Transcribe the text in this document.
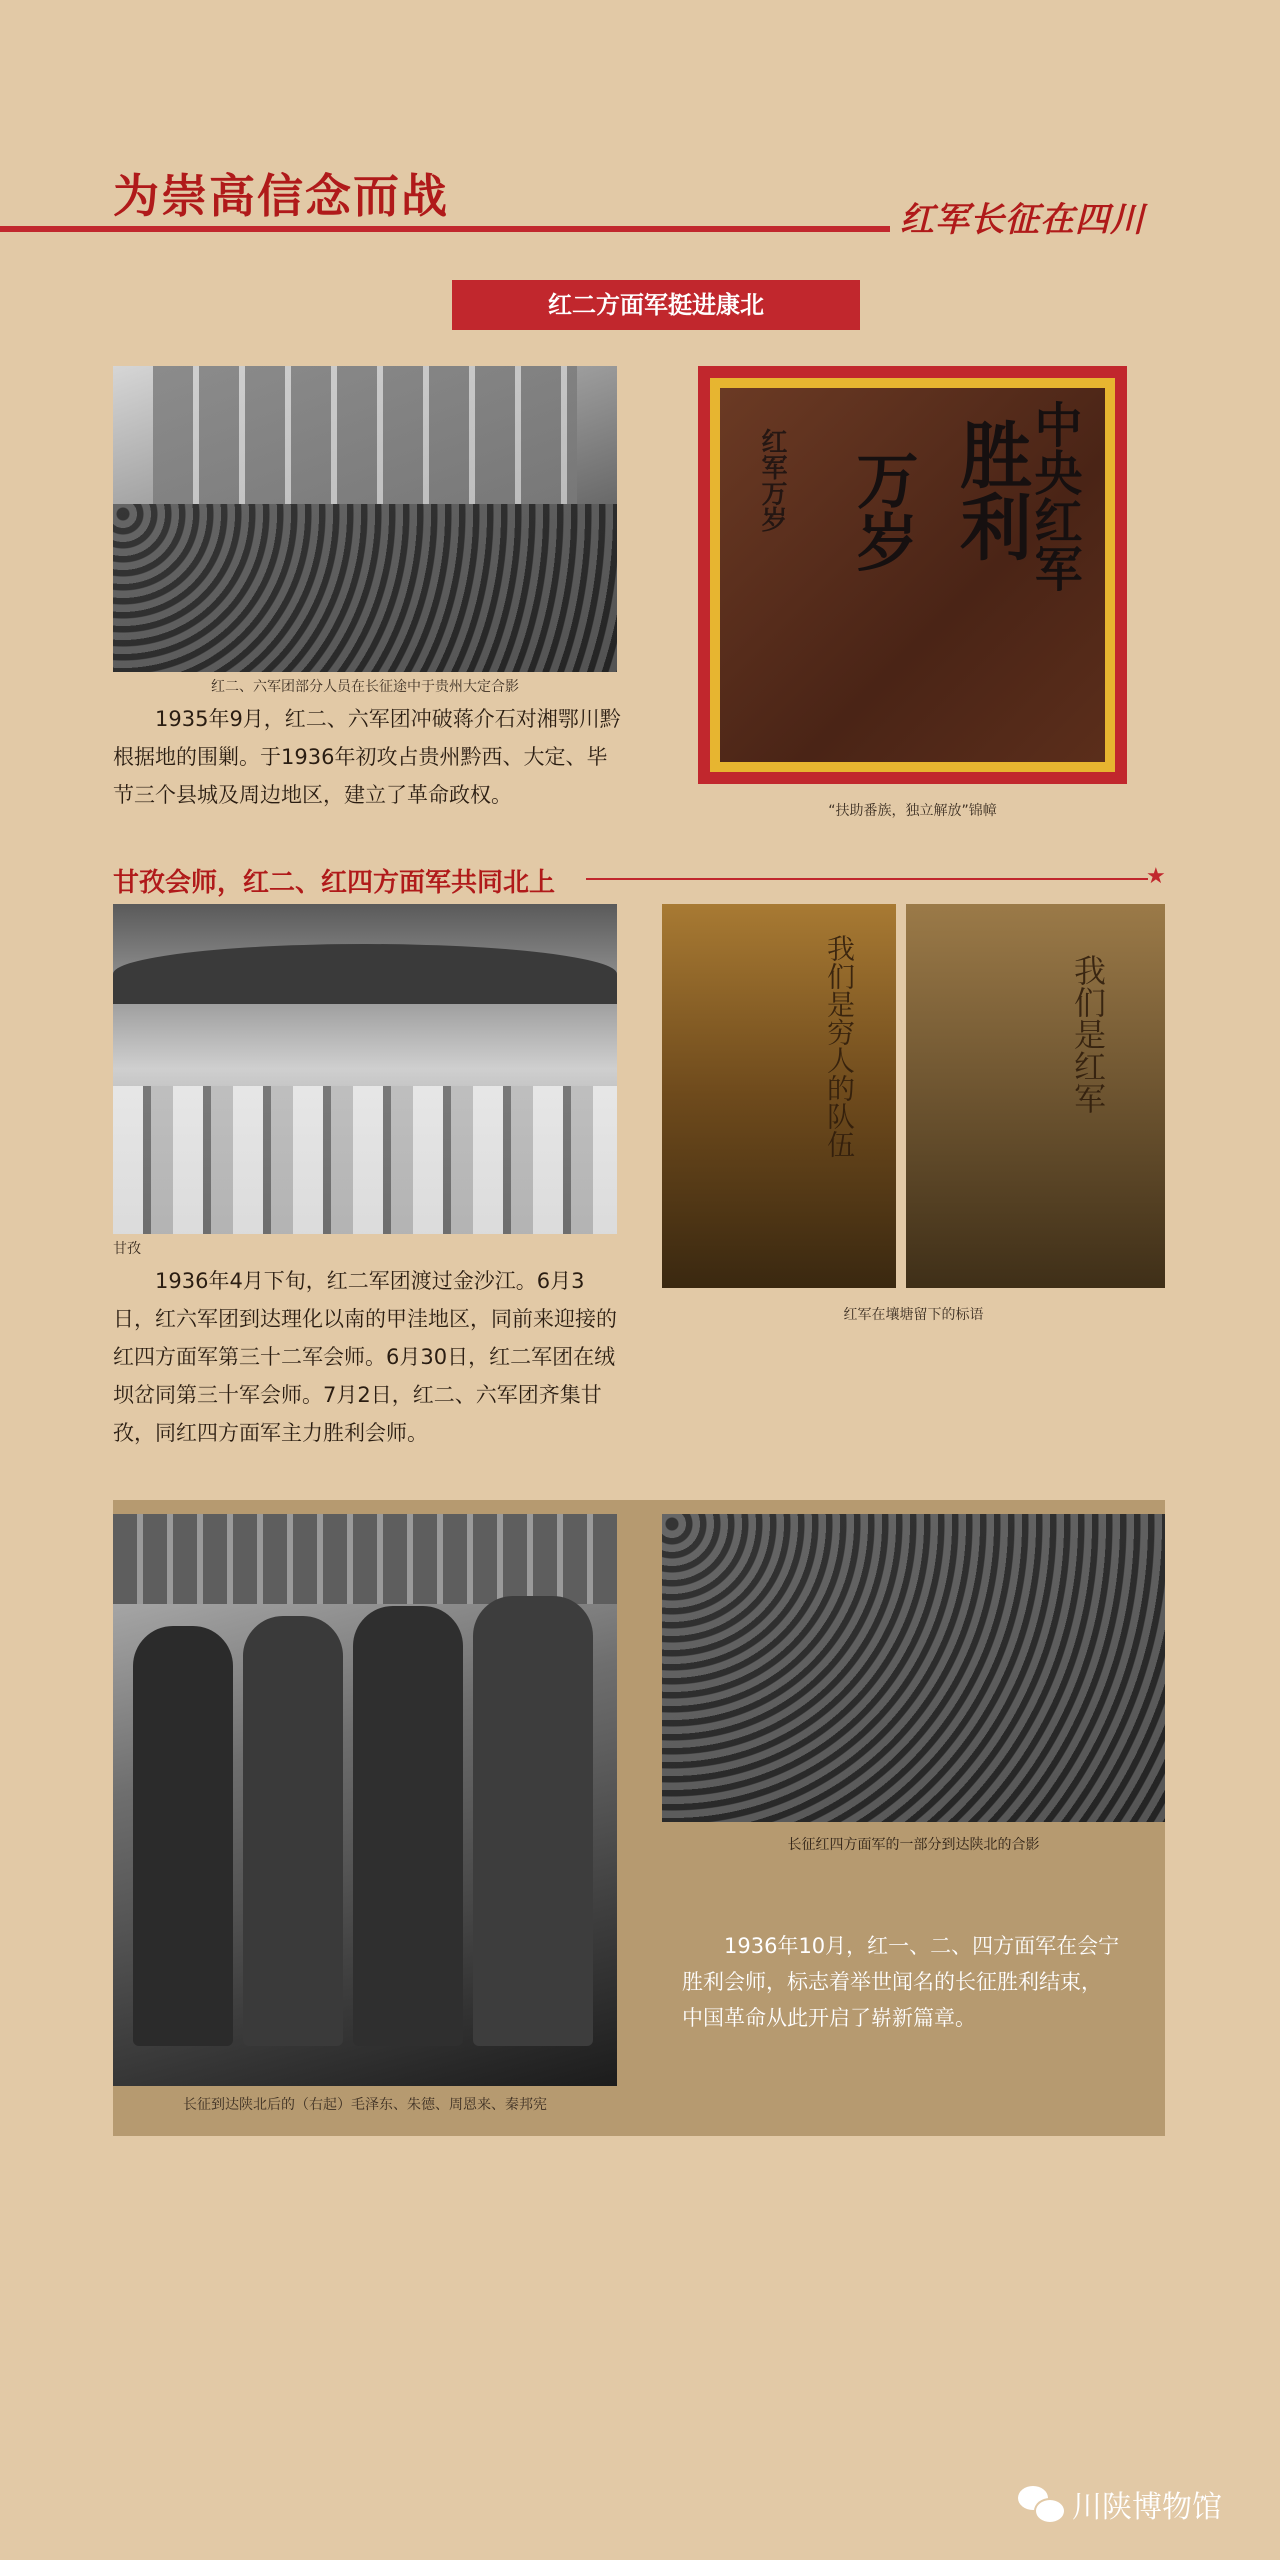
为崇高信念而战	红军长征在四川
红二方面军挺进康北
红二、六军团部分人员在长征途中于贵州大定合影
1935年9月，红二、六军团冲破蒋介石对湘鄂川黔根据地的围剿。于1936年初攻占贵州黔西、大定、毕节三个县城及周边地区，建立了革命政权。
中央红军
胜利
万岁
红军万岁
“扶助番族，独立解放”锦幛
甘孜会师，红二、红四方面军共同北上	★
甘孜
1936年4月下旬，红二军团渡过金沙江。6月3日，红六军团到达理化以南的甲洼地区，同前来迎接的红四方面军第三十二军会师。6月30日，红二军团在绒坝岔同第三十军会师。7月2日，红二、六军团齐集甘孜，同红四方面军主力胜利会师。
我们是穷人的队伍	我们是红军
红军在壤塘留下的标语
长征到达陕北后的（右起）毛泽东、朱德、周恩来、秦邦宪
长征红四方面军的一部分到达陕北的合影
1936年10月，红一、二、四方面军在会宁胜利会师，标志着举世闻名的长征胜利结束，中国革命从此开启了崭新篇章。
川陕博物馆
